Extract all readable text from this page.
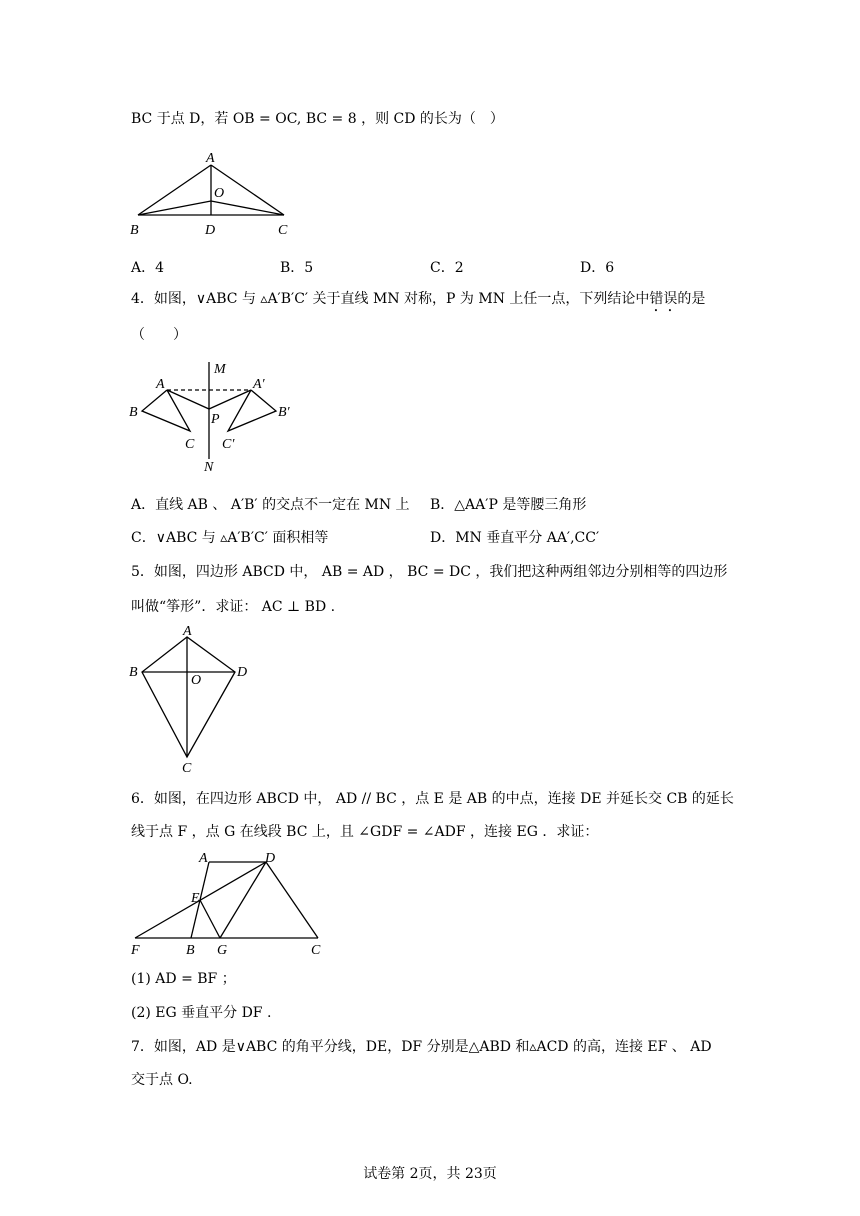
BC 于点 D，若 OB = OC, BC = 8 ，则 CD 的长为（　）
A
O
B	D	C
A．4	B．5	C．2	D．6
4．如图，∨ABC 与 ▵A′B′C′ 关于直线 MN 对称，P 为 MN 上任一点，下列结论中错误的是
（　　）
M
A	A′
B	B′
P
C C′
N
A．直线 AB 、 A′B′ 的交点不一定在 MN 上 B．△AA′P 是等腰三角形
C．∨ABC 与 ▵A′B′C′ 面积相等	D．MN 垂直平分 AA′,CC′
5．如图，四边形 ABCD 中， AB = AD ， BC = DC ，我们把这种两组邻边分别相等的四边形
叫做“筝形”．求证： AC ⊥ BD .
A
B
O
D
C
6．如图，在四边形 ABCD 中， AD // BC ，点 E 是 AB 的中点，连接 DE 并延长交 CB 的延长
线于点 F ，点 G 在线段 BC 上，且 ∠GDF = ∠ADF ，连接 EG ．求证：
A	D
E
F	B G	C
(1) AD = BF ；
(2) EG 垂直平分 DF .
7．如图，AD 是∨ABC 的角平分线，DE，DF 分别是△ABD 和▵ACD 的高，连接 EF 、 AD
交于点 O.
试卷第 2页，共 23页
